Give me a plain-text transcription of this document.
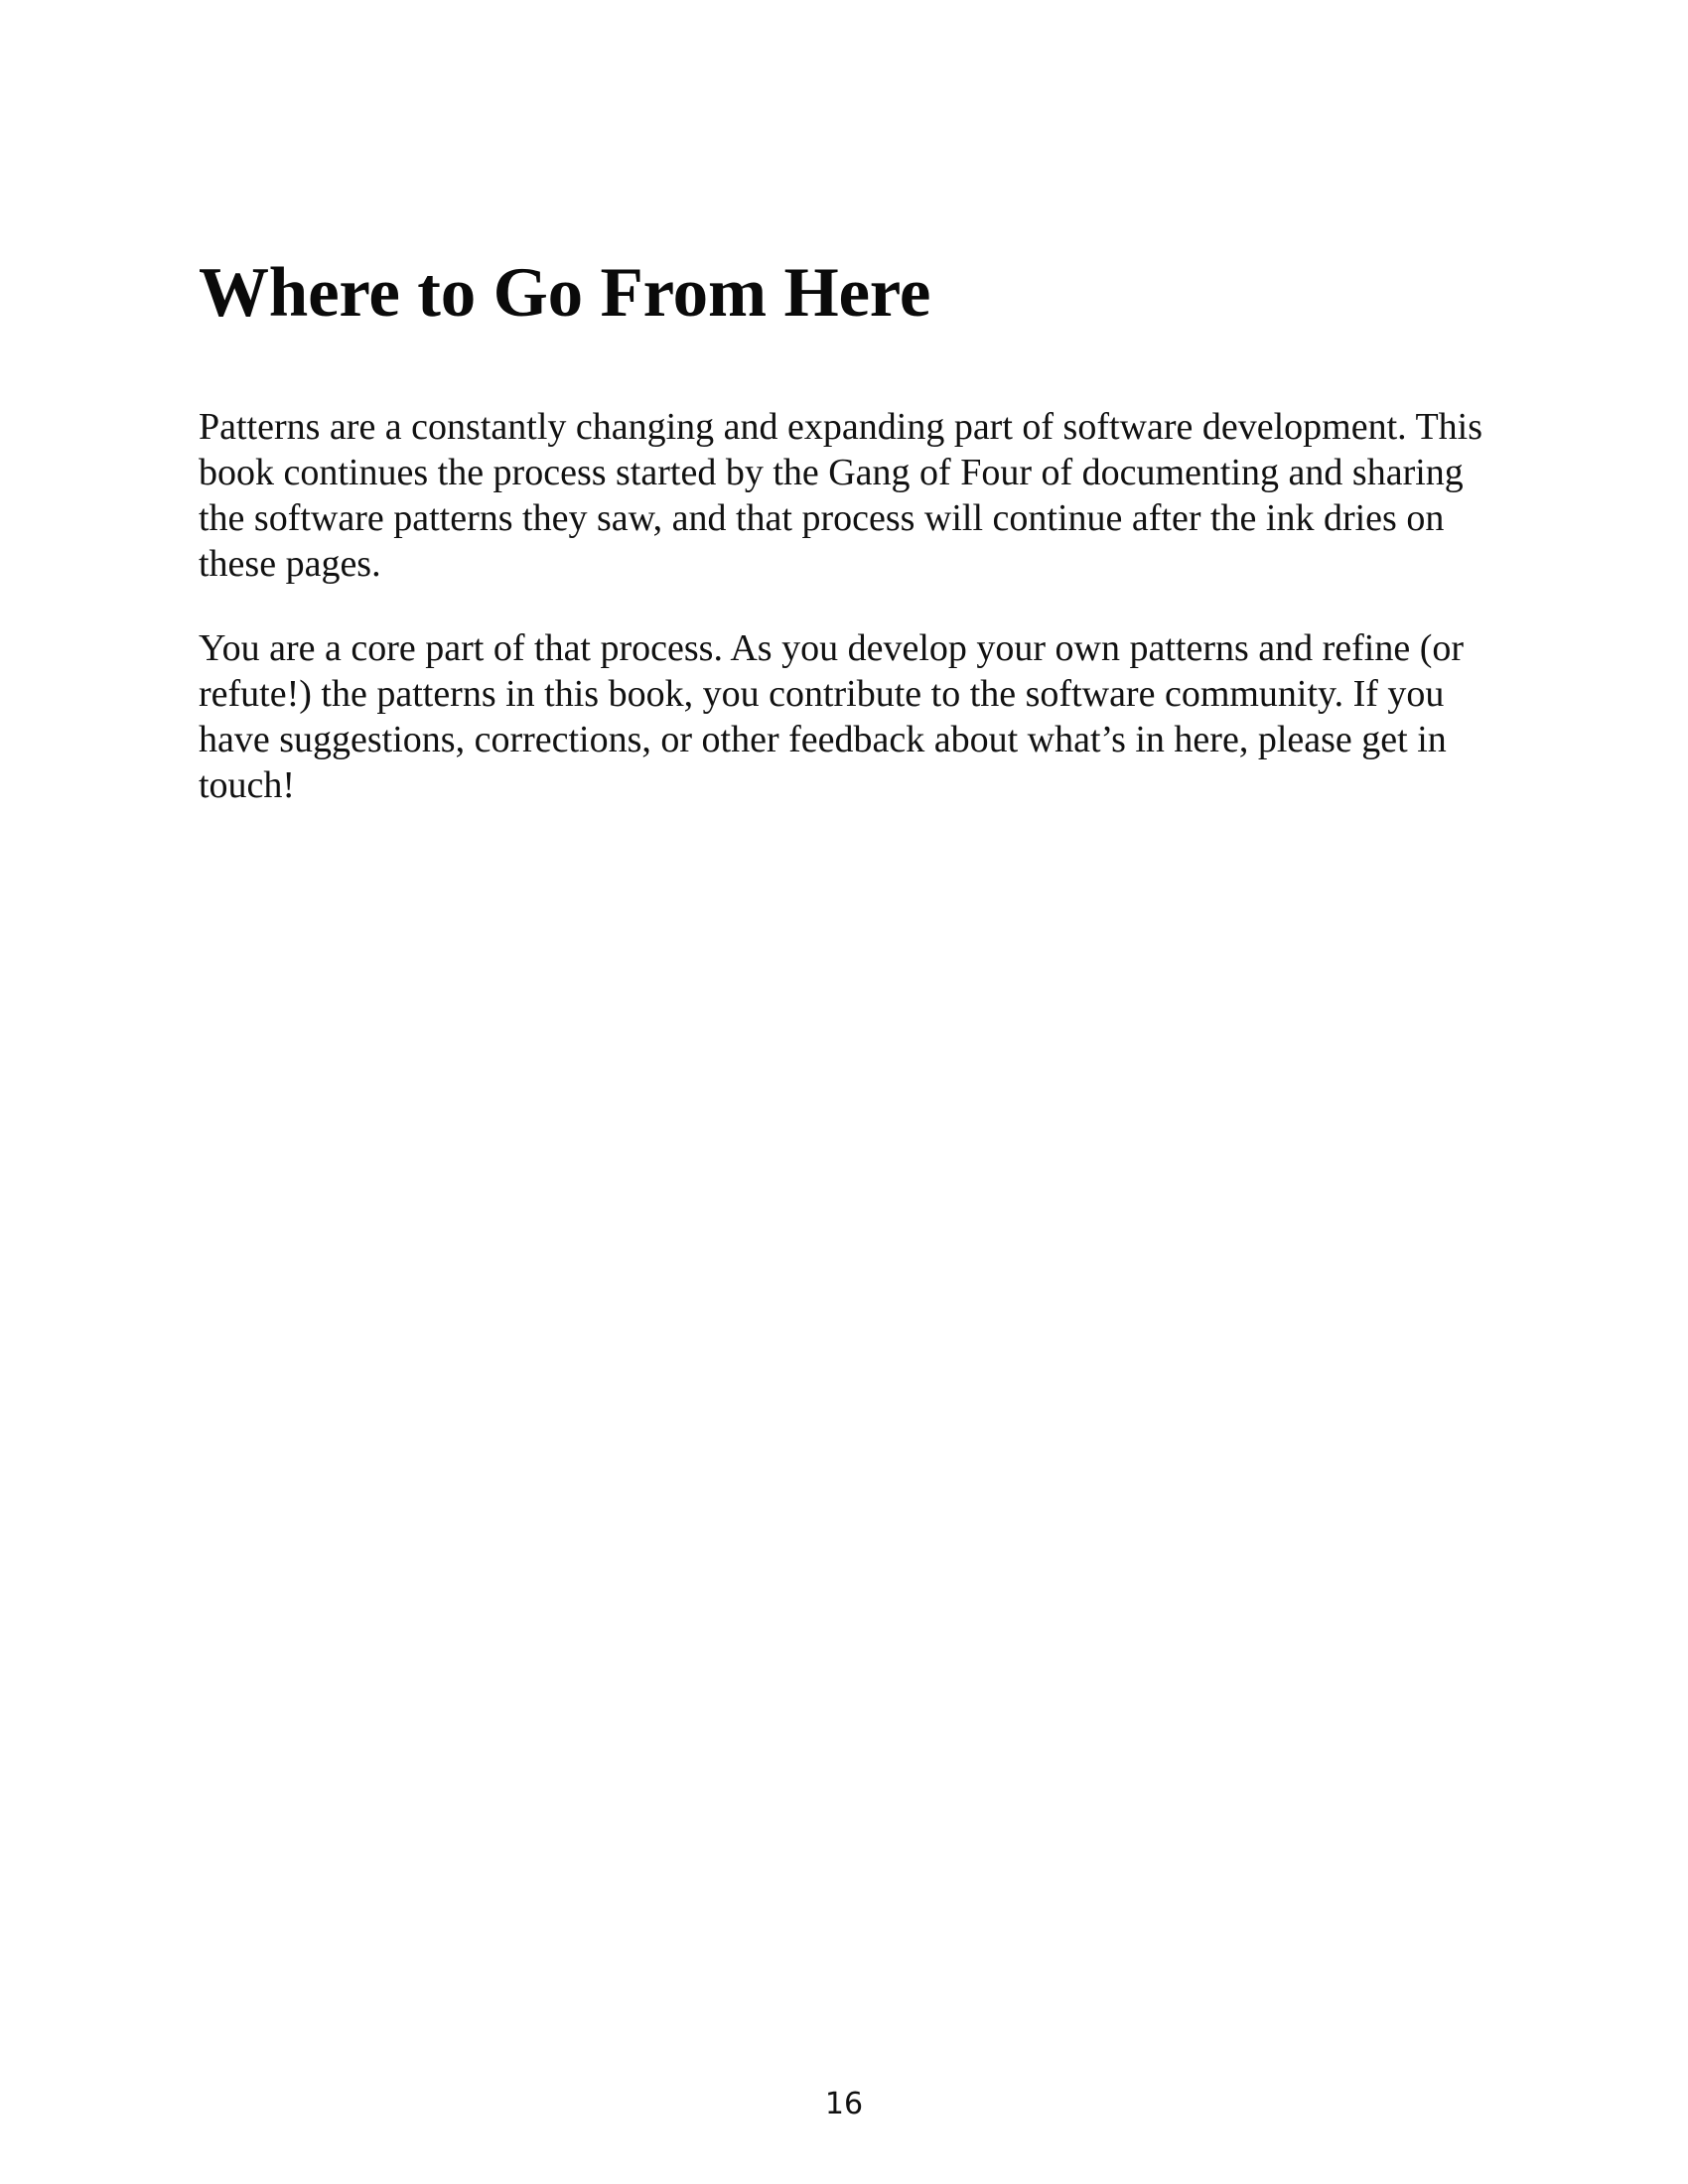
Where to Go From Here

Patterns are a constantly changing and expanding part of software development. This book continues the process started by the Gang of Four of documenting and sharing the software patterns they saw, and that process will continue after the ink dries on these pages.

You are a core part of that process. As you develop your own patterns and refine (or refute!) the patterns in this book, you contribute to the software community. If you have suggestions, corrections, or other feedback about what’s in here, please get in touch!

16
